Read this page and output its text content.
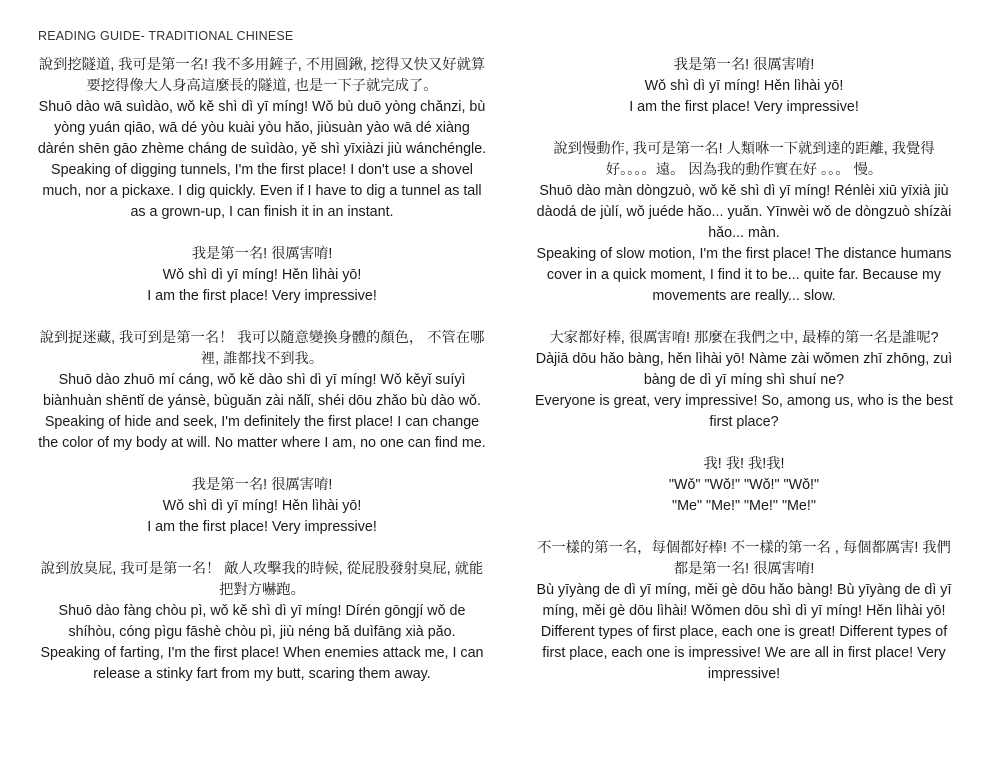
READING GUIDE- TRADITIONAL CHINESE
說到挖隧道, 我可是第一名! 我不多用鏟子, 不用圓鍬, 挖得又快又好就算要挖得像大人身高這麼長的隧道, 也是一下子就完成了。
Shuō dào wā suìdào, wǒ kě shì dì yī míng! Wǒ bù duō yòng chǎnzi, bù yòng yuán qiāo, wā dé yòu kuài yòu hǎo, jiùsuàn yào wā dé xiàng dàrén shēn gāo zhème cháng de suìdào, yě shì yīxiàzi jiù wánchéngle.
Speaking of digging tunnels, I'm the first place! I don't use a shovel much, nor a pickaxe. I dig quickly. Even if I have to dig a tunnel as tall as a grown-up, I can finish it in an instant.
我是第一名! 很厲害唷!
Wǒ shì dì yī míng! Hěn lìhài yō!
I am the first place! Very impressive!
說到捉迷藏, 我可到是第一名！ 我可以隨意變換身體的顏色， 不管在哪裡, 誰都找不到我。
Shuō dào zhuō mí cáng, wǒ kě dào shì dì yī míng! Wǒ kěyǐ suíyì biànhuàn shēntǐ de yánsè, bùguǎn zài nǎlǐ, shéi dōu zhǎo bù dào wǒ.
Speaking of hide and seek, I'm definitely the first place! I can change the color of my body at will. No matter where I am, no one can find me.
我是第一名! 很厲害唷!
Wǒ shì dì yī míng! Hěn lìhài yō!
I am the first place! Very impressive!
說到放臭屁, 我可是第一名！ 敵人攻擊我的時候, 從屁股發射臭屁, 就能把對方嚇跑。
Shuō dào fàng chòu pì, wǒ kě shì dì yī míng! Dírén gōngjí wǒ de shíhòu, cóng pìgu fāshè chòu pì, jiù néng bǎ duìfāng xià pǎo.
Speaking of farting, I'm the first place! When enemies attack me, I can release a stinky fart from my butt, scaring them away.
我是第一名! 很厲害唷!
Wǒ shì dì yī míng! Hěn lìhài yō!
I am the first place! Very impressive!
說到慢動作, 我可是第一名! 人類咻一下就到達的距離, 我覺得好。。。。遠。 因為我的動作實在好 。。。 慢。
Shuō dào màn dòngzuò, wǒ kě shì dì yī míng! Rénlèi xiū yīxià jiù dàodá de jùlí, wǒ juéde hǎo... yuǎn. Yīnwèi wǒ de dòngzuò shízài hǎo... màn.
Speaking of slow motion, I'm the first place! The distance humans cover in a quick moment, I find it to be... quite far. Because my movements are really... slow.
大家都好棒, 很厲害唷! 那麼在我們之中, 最棒的第一名是誰呢?
Dàjiā dōu hǎo bàng, hěn lìhài yō! Nàme zài wǒmen zhī zhōng, zuì bàng de dì yī míng shì shuí ne?
Everyone is great, very impressive! So, among us, who is the best first place?
我! 我! 我!我!
"Wǒ" "Wǒ!" "Wǒ!" "Wǒ!"
"Me" "Me!" "Me!" "Me!"
不一樣的第一名，每個都好棒! 不一樣的第一名 , 每個都厲害! 我們都是第一名! 很厲害唷!
Bù yīyàng de dì yī míng, měi gè dōu hǎo bàng! Bù yīyàng de dì yī míng, měi gè dōu lìhài! Wǒmen dōu shì dì yī míng! Hěn lìhài yō!
Different types of first place, each one is great! Different types of first place, each one is impressive! We are all in first place! Very impressive!
